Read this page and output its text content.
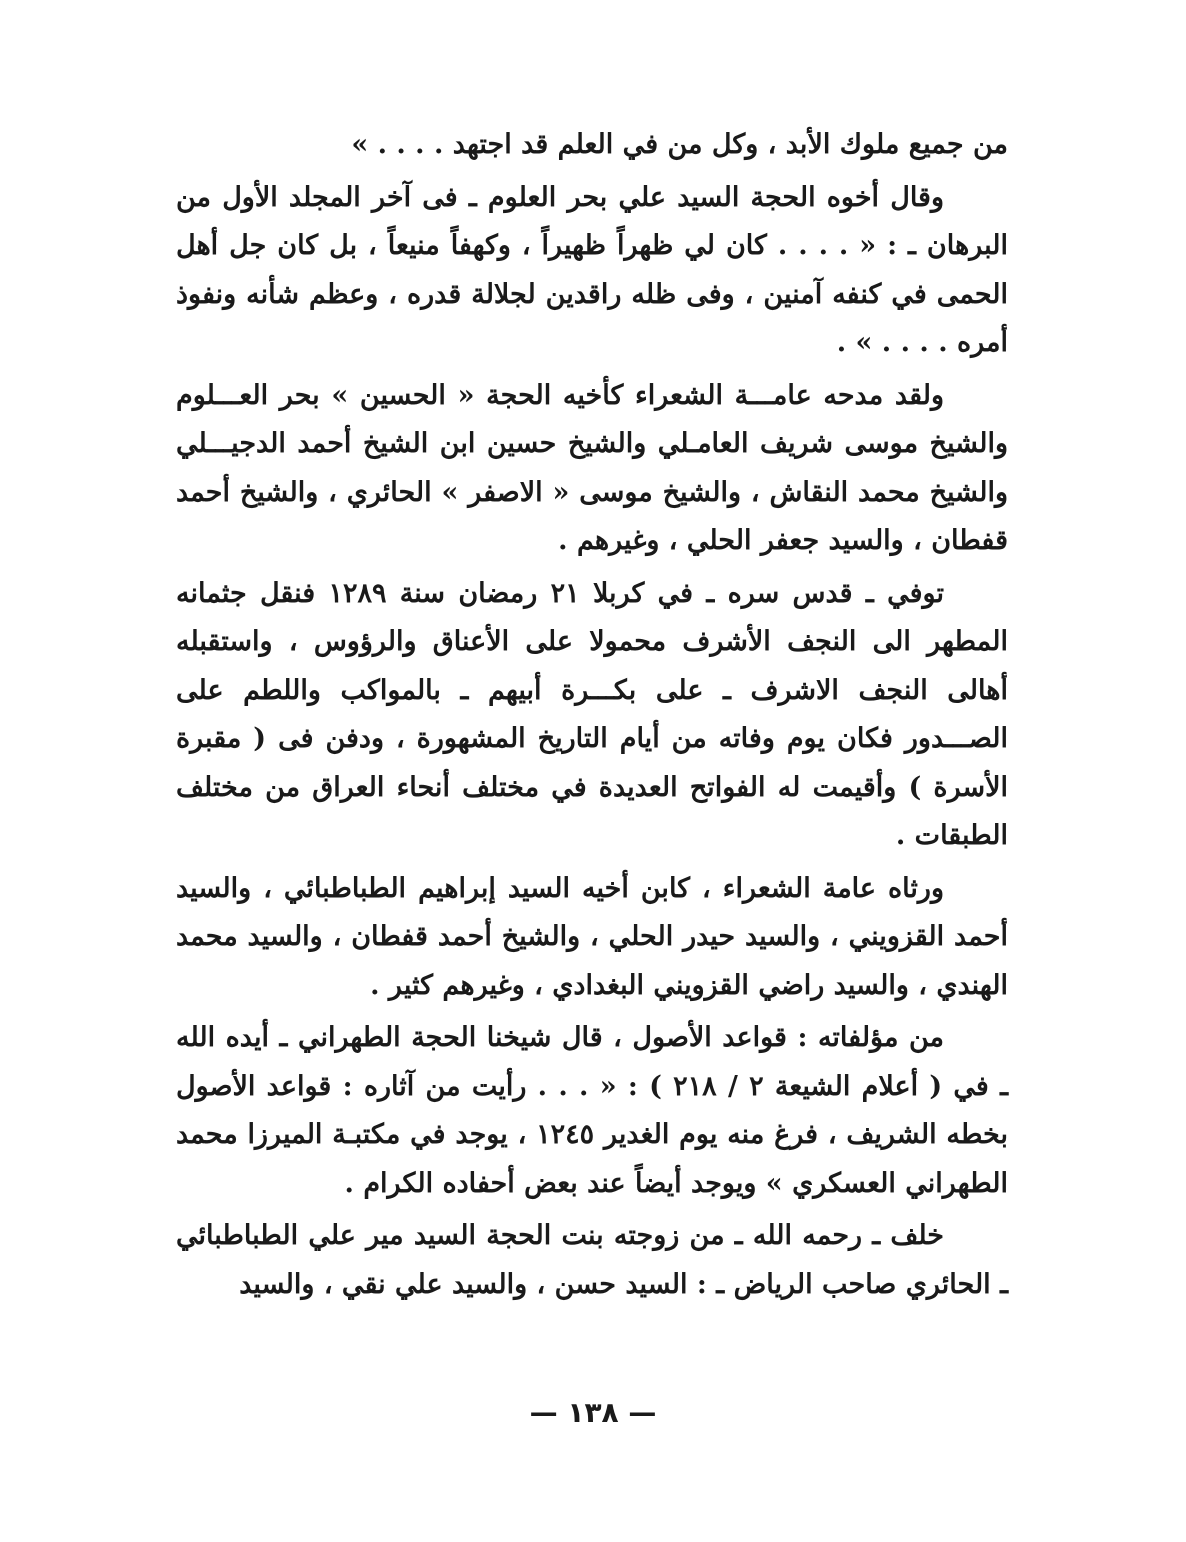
من جميع ملوك الأبد ، وكل من في العلم قد اجتهد . . . . »

وقال أخوه الحجة السيد علي بحر العلوم ـ فى آخر المجلد الأول من البرهان ـ : « . . . . كان لي ظهراً ظهيراً ، وكهفاً منيعاً ، بل كان جل أهل الحمى في كنفه آمنين ، وفى ظله راقدين لجلالة قدره ، وعظم شأنه ونفوذ أمره . . . . » .

ولقد مدحه عامـــة الشعراء كأخيه الحجة « الحسين » بحر العـــلوم والشيخ موسى شريف العامـلي والشيخ حسين ابن الشيخ أحمد الدجيـــلي والشيخ محمد النقاش ، والشيخ موسى « الاصفر » الحائري ، والشيخ أحمد قفطان ، والسيد جعفر الحلي ، وغيرهم .

توفي ـ قدس سره ـ في كربلا ٢١ رمضان سنة ١٢٨٩ فنقل جثمانه المطهر الى النجف الأشرف محمولا على الأعناق والرؤوس ، واستقبله أهالى النجف الاشرف ـ على بكـــرة أبيهم ـ بالمواكب واللطم على الصـــدور فكان يوم وفاته من أيام التاريخ المشهورة ، ودفن فى ( مقبرة الأسرة ) وأقيمت له الفواتح العديدة في مختلف أنحاء العراق من مختلف الطبقات .

ورثاه عامة الشعراء ، كابن أخيه السيد إبراهيم الطباطبائي ، والسيد أحمد القزويني ، والسيد حيدر الحلي ، والشيخ أحمد قفطان ، والسيد محمد الهندي ، والسيد راضي القزويني البغدادي ، وغيرهم كثير .

من مؤلفاته : قواعد الأصول ، قال شيخنا الحجة الطهراني ـ أيده الله ـ في ( أعلام الشيعة ٢ / ٢١٨ ) : « . . . رأيت من آثاره : قواعد الأصول بخطه الشريف ، فرغ منه يوم الغدير ١٢٤٥ ، يوجد في مكتبـة الميرزا محمد الطهراني العسكري » ويوجد أيضاً عند بعض أحفاده الكرام .

خلف ـ رحمه الله ـ من زوجته بنت الحجة السيد مير علي الطباطبائي ـ الحائري صاحب الرياض ـ : السيد حسن ، والسيد علي نقي ، والسيد

— ١٣٨ —
